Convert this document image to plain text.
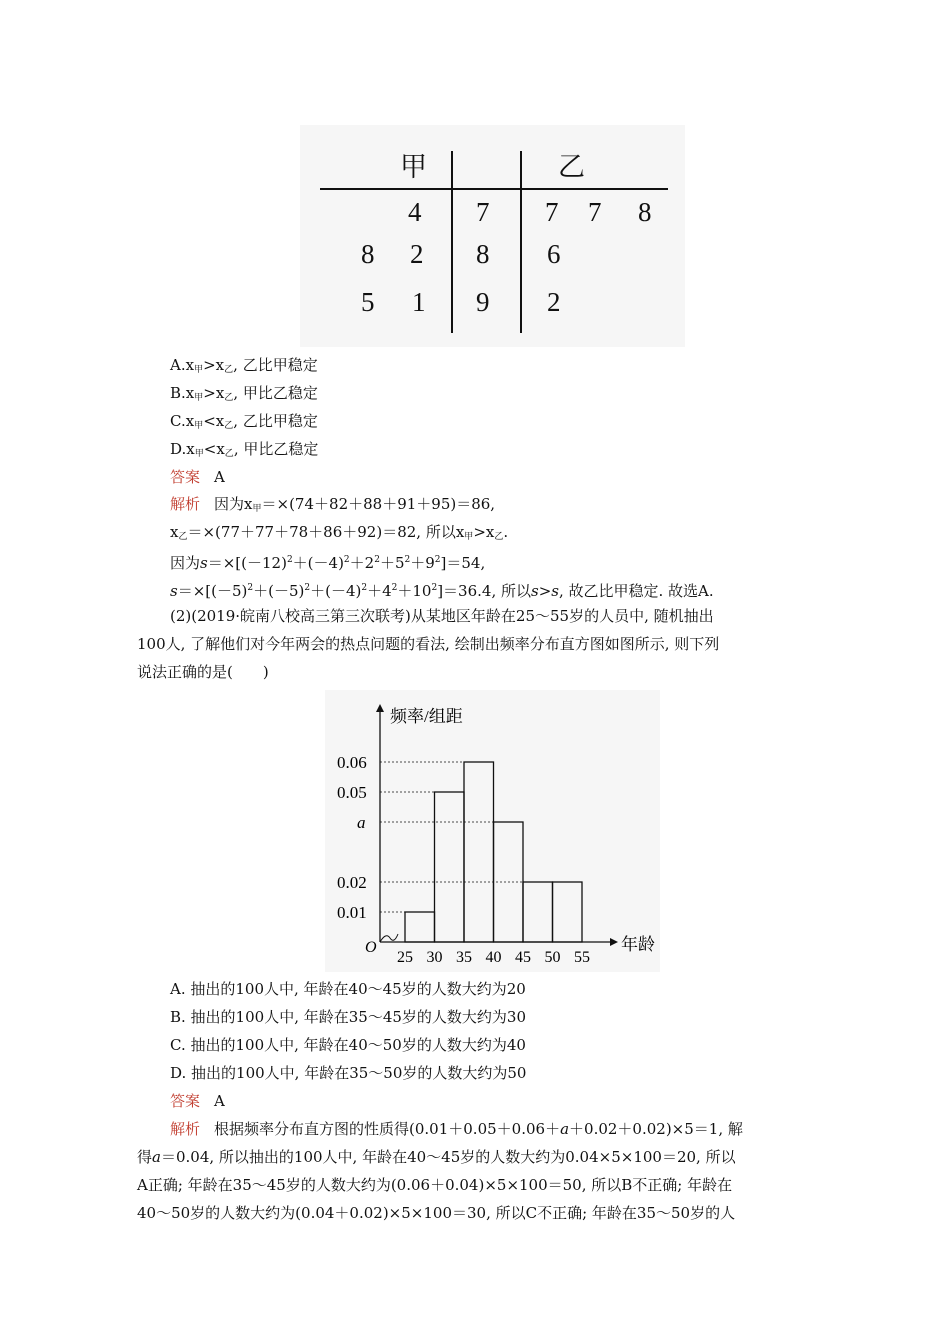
甲	乙
4 7 7 7 8
8 2 8 6
5 1 9 2
$A.x_甲>x_乙$, 乙比甲稳定
$B.x_甲>x_乙$, 甲比乙稳定
$C.x_甲<x_乙$, 乙比甲稳定
$D.x_甲<x_乙$, 甲比乙稳定
答案 A
解析 因为$x_甲=\times(74+82+88+91+95)=86$,
$x_乙=\times(77+77+78+86+92)=82$, 所以$x_甲>x_乙$.
因为$s=\times[(-12)^2+(-4)^2+2^2+5^2+9^2]=54$,
$s=\times[(-5)^2+(-5)^2+(-4)^2+4^2+10^2]=36.4$, 所以s>s, 故乙比甲稳定. 故选A.
(2)(2019·皖南八校高三第三次联考)从某地区年龄在25～55岁的人员中, 随机抽出
100人, 了解他们对今年两会的热点问题的看法, 绘制出频率分布直方图如图所示, 则下列
说法正确的是(　　)
频率/组距
O	年龄
0.06
0.05
a
0.02
0.01
25 30 35 40 45 50 55
A. 抽出的100人中, 年龄在40～45岁的人数大约为20
B. 抽出的100人中, 年龄在35～45岁的人数大约为30
C. 抽出的100人中, 年龄在40～50岁的人数大约为40
D. 抽出的100人中, 年龄在35～50岁的人数大约为50
答案 A
解析 根据频率分布直方图的性质得(0.01＋0.05＋0.06＋a＋0.02＋0.02)×5＝1, 解
得a＝0.04, 所以抽出的100人中, 年龄在40～45岁的人数大约为0.04×5×100＝20, 所以
A正确; 年龄在35～45岁的人数大约为(0.06＋0.04)×5×100＝50, 所以B不正确; 年龄在
40～50岁的人数大约为(0.04＋0.02)×5×100＝30, 所以C不正确; 年龄在35～50岁的人
